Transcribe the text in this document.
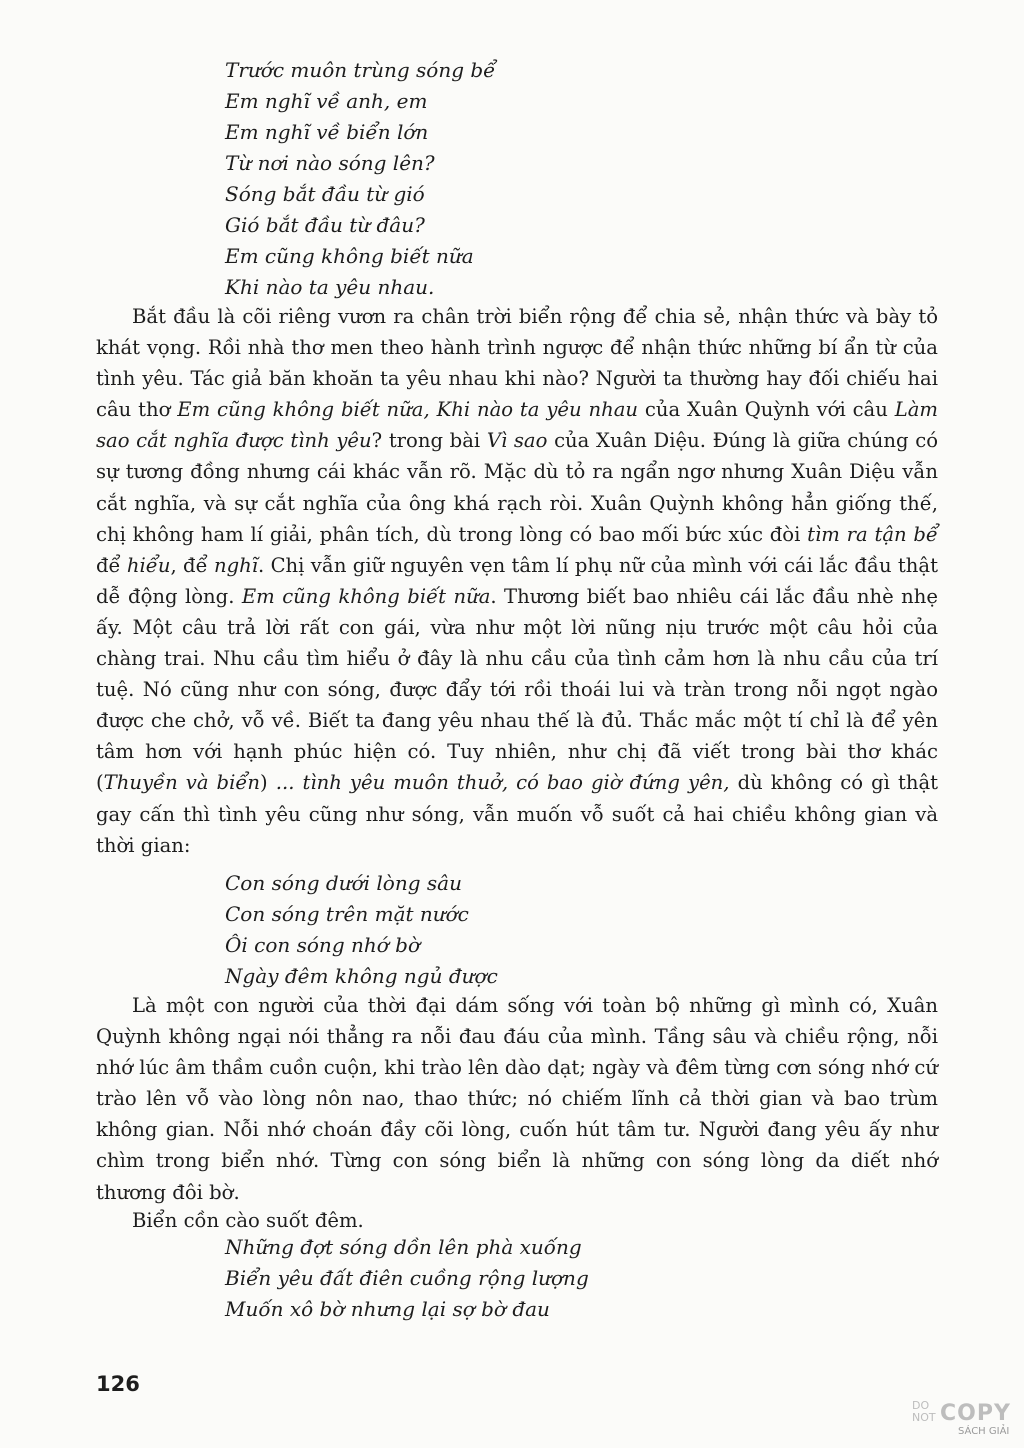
Trước muôn trùng sóng bể
Em nghĩ về anh, em
Em nghĩ về biển lớn
Từ nơi nào sóng lên?
Sóng bắt đầu từ gió
Gió bắt đầu từ đâu?
Em cũng không biết nữa
Khi nào ta yêu nhau.

Bắt đầu là cõi riêng vươn ra chân trời biển rộng để chia sẻ, nhận thức và bày tỏ khát vọng. Rồi nhà thơ men theo hành trình ngược để nhận thức những bí ẩn từ của tình yêu. Tác giả băn khoăn ta yêu nhau khi nào? Người ta thường hay đối chiếu hai câu thơ Em cũng không biết nữa, Khi nào ta yêu nhau của Xuân Quỳnh với câu Làm sao cắt nghĩa được tình yêu? trong bài Vì sao của Xuân Diệu. Đúng là giữa chúng có sự tương đồng nhưng cái khác vẫn rõ. Mặc dù tỏ ra ngẩn ngơ nhưng Xuân Diệu vẫn cắt nghĩa, và sự cắt nghĩa của ông khá rạch ròi. Xuân Quỳnh không hẳn giống thế, chị không ham lí giải, phân tích, dù trong lòng có bao mối bức xúc đòi tìm ra tận bể để hiểu, để nghĩ. Chị vẫn giữ nguyên vẹn tâm lí phụ nữ của mình với cái lắc đầu thật dễ động lòng. Em cũng không biết nữa. Thương biết bao nhiêu cái lắc đầu nhè nhẹ ấy. Một câu trả lời rất con gái, vừa như một lời nũng nịu trước một câu hỏi của chàng trai. Nhu cầu tìm hiểu ở đây là nhu cầu của tình cảm hơn là nhu cầu của trí tuệ. Nó cũng như con sóng, được đẩy tới rồi thoái lui và tràn trong nỗi ngọt ngào được che chở, vỗ về. Biết ta đang yêu nhau thế là đủ. Thắc mắc một tí chỉ là để yên tâm hơn với hạnh phúc hiện có. Tuy nhiên, như chị đã viết trong bài thơ khác (Thuyền và biển) ... tình yêu muôn thuở, có bao giờ đứng yên, dù không có gì thật gay cấn thì tình yêu cũng như sóng, vẫn muốn vỗ suốt cả hai chiều không gian và thời gian:

Con sóng dưới lòng sâu
Con sóng trên mặt nước
Ôi con sóng nhớ bờ
Ngày đêm không ngủ được

Là một con người của thời đại dám sống với toàn bộ những gì mình có, Xuân Quỳnh không ngại nói thẳng ra nỗi đau đáu của mình. Tầng sâu và chiều rộng, nỗi nhớ lúc âm thầm cuồn cuộn, khi trào lên dào dạt; ngày và đêm từng cơn sóng nhớ cứ trào lên vỗ vào lòng nôn nao, thao thức; nó chiếm lĩnh cả thời gian và bao trùm không gian. Nỗi nhớ choán đầy cõi lòng, cuốn hút tâm tư. Người đang yêu ấy như chìm trong biển nhớ. Từng con sóng biển là những con sóng lòng da diết nhớ thương đôi bờ.

Biển cồn cào suốt đêm.
Những đợt sóng dồn lên phà xuống
Biển yêu đất điên cuồng rộng lượng
Muốn xô bờ nhưng lại sợ bờ đau
126
DO
NOT COPY
SÁCH GIẢI
